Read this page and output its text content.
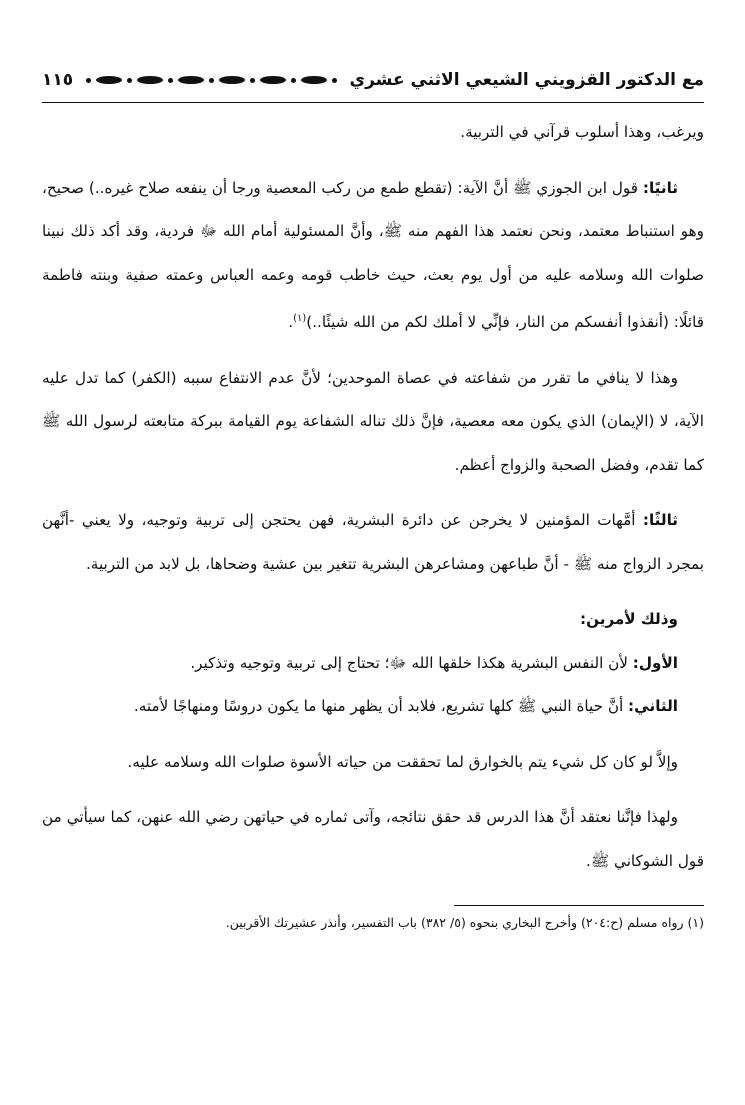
مع الدكتور القزويني الشيعي الاثني عشري
١١٥

ويرغب، وهذا أسلوب قرآني في التربية.

ثانيًا: قول ابن الجوزي ﷺ أنَّ الآية: (تقطع طمع من ركب المعصية ورجا أن ينفعه صلاح غيره..) صحيح، وهو استنباط معتمد، ونحن نعتمد هذا الفهم منه ﷺ، وأنَّ المسئولية أمام الله ﷻ فردية، وقد أكد ذلك نبينا صلوات الله وسلامه عليه من أول يوم بعث، حيث خاطب قومه وعمه العباس وعمته صفية وبنته فاطمة قائلًا: (أنقذوا أنفسكم من النار، فإنِّي لا أملك لكم من الله شيئًا..)$^{(١)}$.

وهذا لا ينافي ما تقرر من شفاعته في عصاة الموحدين؛ لأنَّ عدم الانتفاع سببه (الكفر) كما تدل عليه الآية، لا (الإيمان) الذي يكون معه معصية، فإنَّ ذلك تناله الشفاعة يوم القيامة ببركة متابعته لرسول الله ﷺ كما تقدم، وفضل الصحبة والزواج أعظم.

ثالثًا: أمَّهات المؤمنين لا يخرجن عن دائرة البشرية، فهن يحتجن إلى تربية وتوجيه، ولا يعني -أنَّهن بمجرد الزواج منه ﷺ - أنَّ طباعهن ومشاعرهن البشرية تتغير بين عشية وضحاها، بل لابد من التربية.

وذلك لأمرين:

الأول: لأن النفس البشرية هكذا خلقها الله ﷻ؛ تحتاج إلى تربية وتوجيه وتذكير.

الثاني: أنَّ حياة النبي ﷺ كلها تشريع، فلابد أن يظهر منها ما يكون دروسًا ومنهاجًا لأمته.

وإلاَّ لو كان كل شيء يتم بالخوارق لما تحققت من حياته الأسوة صلوات الله وسلامه عليه.

ولهذا فإنَّنا نعتقد أنَّ هذا الدرس قد حقق نتائجه، وآتى ثماره في حياتهن رضي الله عنهن، كما سيأتي من قول الشوكاني ﷺ.

(١) رواه مسلم (ح:٢٠٤) وأخرج البخاري بنحوه (٥/ ٣٨٢) باب التفسير، وأنذر عشيرتك الأقربين.
